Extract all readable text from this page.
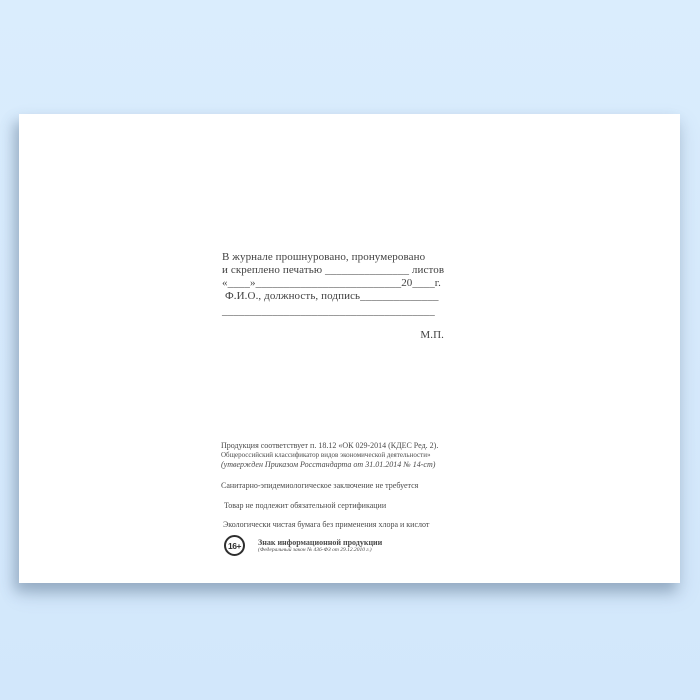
В журнале прошнуровано, пронумеровано
и скреплено печатью _______________ листов
«____»__________________________20____г.
Ф.И.О., должность, подпись______________
______________________________________
М.П.
Продукция соответствует п. 18.12 «ОК 029-2014 (КДЕС Ред. 2).
Общероссийский классификатор видов экономической деятельности»
(утвержден Приказом Росстандарта от 31.01.2014 № 14-ст)
Санитарно-эпидемиологическое заключение не требуется
Товар не подлежит обязательной сертификации
Экологически чистая бумага без применения хлора и кислот
16+	Знак информационной продукции
(Федеральный закон № 436-ФЗ от 29.12.2010 г.)
